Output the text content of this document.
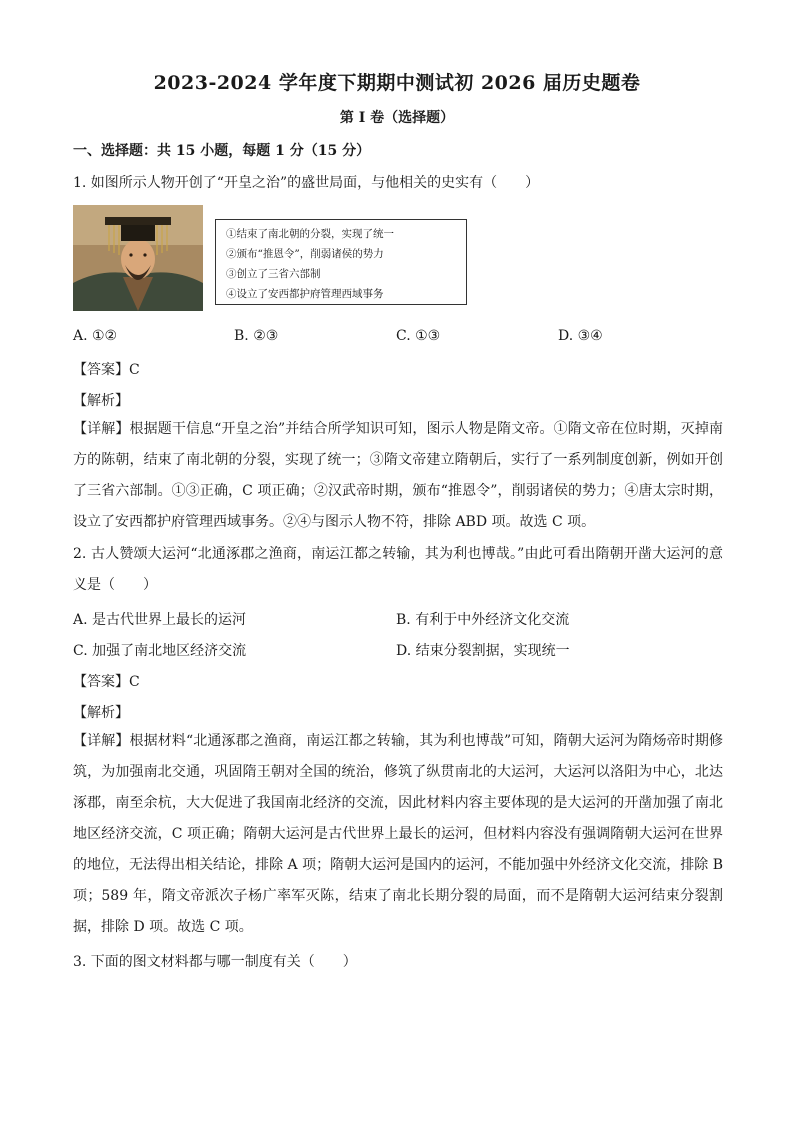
2023-2024 学年度下期期中测试初 2026 届历史题卷
第 I 卷（选择题）
一、选择题：共 15 小题，每题 1 分（15 分）
1. 如图所示人物开创了“开皇之治”的盛世局面，与他相关的史实有（　　）
①结束了南北朝的分裂，实现了统一
②颁布“推恩令”，削弱诸侯的势力
③创立了三省六部制
④设立了安西都护府管理西域事务
A. ①②	B. ②③	C. ①③	D. ③④
【答案】C
【解析】
【详解】根据题干信息“开皇之治”并结合所学知识可知，图示人物是隋文帝。①隋文帝在位时期，灭掉南方的陈朝，结束了南北朝的分裂，实现了统一；③隋文帝建立隋朝后，实行了一系列制度创新，例如开创了三省六部制。①③正确，C 项正确；②汉武帝时期，颁布“推恩令”，削弱诸侯的势力；④唐太宗时期，设立了安西都护府管理西域事务。②④与图示人物不符，排除 ABD 项。故选 C 项。
2. 古人赞颂大运河“北通涿郡之渔商，南运江都之转输，其为利也博哉。”由此可看出隋朝开凿大运河的意义是（　　）
A. 是古代世界上最长的运河	B. 有利于中外经济文化交流
C. 加强了南北地区经济交流	D. 结束分裂割据，实现统一
【答案】C
【解析】
【详解】根据材料“北通涿郡之渔商，南运江都之转输，其为利也博哉”可知，隋朝大运河为隋炀帝时期修筑，为加强南北交通，巩固隋王朝对全国的统治，修筑了纵贯南北的大运河，大运河以洛阳为中心，北达涿郡，南至余杭，大大促进了我国南北经济的交流，因此材料内容主要体现的是大运河的开凿加强了南北地区经济交流，C 项正确；隋朝大运河是古代世界上最长的运河，但材料内容没有强调隋朝大运河在世界的地位，无法得出相关结论，排除 A 项；隋朝大运河是国内的运河，不能加强中外经济文化交流，排除 B 项；589 年，隋文帝派次子杨广率军灭陈，结束了南北长期分裂的局面，而不是隋朝大运河结束分裂割据，排除 D 项。故选 C 项。
3. 下面的图文材料都与哪一制度有关（　　）
